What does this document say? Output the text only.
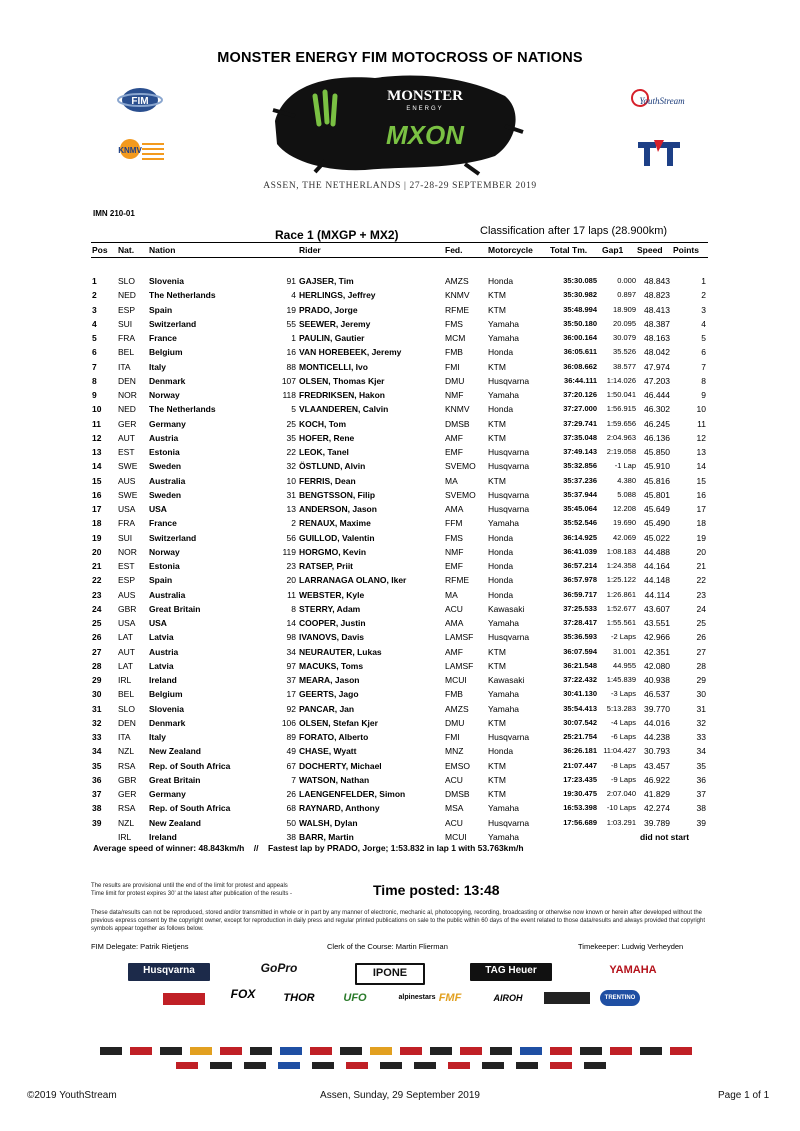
MONSTER ENERGY FIM MOTOCROSS OF NATIONS
FIM
KNMV
MONSTER
ENERGY
MXON
YouthStream
ASSEN, THE NETHERLANDS | 27-28-29 SEPTEMBER 2019
IMN 210-01
Race 1 (MXGP + MX2)	Classification after 17 laps (28.900km)
Pos Nat. Nation	Rider	Fed.	Motorcycle Total Tm. Gap1 Speed Points
1	SLO Slovenia	91 GAJSER, Tim	AMZS Honda	35:30.085	0.000 48.843	1
2	NED The Netherlands	4 HERLINGS, Jeffrey	KNMV KTM	35:30.982	0.897 48.823	2
3	ESP Spain	19 PRADO, Jorge	RFME KTM	35:48.994	18.909 48.413	3
4	SUI Switzerland	55 SEEWER, Jeremy	FMS	Yamaha	35:50.180	20.095 48.387	4
5	FRA France	1 PAULIN, Gautier	MCM	Yamaha	36:00.164	30.079 48.163	5
6	BEL Belgium	16 VAN HOREBEEK, Jeremy	FMB	Honda	36:05.611	35.526 48.042	6
7	ITA Italy	88 MONTICELLI, Ivo	FMI	KTM	36:08.662	38.577 47.974	7
8	DEN Denmark	107 OLSEN, Thomas Kjer	DMU	Husqvarna	36:44.111	1:14.026 47.203	8
9	NOR Norway	118 FREDRIKSEN, Hakon	NMF	Yamaha	37:20.126	1:50.041 46.444	9
10 NED The Netherlands	5 VLAANDEREN, Calvin	KNMV Honda	37:27.000	1:56.915 46.302	10
11 GER Germany	25 KOCH, Tom	DMSB KTM	37:29.741	1:59.656 46.245	11
12 AUT Austria	35 HOFER, Rene	AMF	KTM	37:35.048	2:04.963 46.136	12
13 EST Estonia	22 LEOK, Tanel	EMF	Husqvarna	37:49.143	2:19.058 45.850	13
14 SWE Sweden	32 ÖSTLUND, Alvin	SVEMO Husqvarna	35:32.856	-1 Lap 45.910	14
15 AUS Australia	10 FERRIS, Dean	MA	KTM	35:37.236	4.380 45.816	15
16 SWE Sweden	31 BENGTSSON, Filip	SVEMO Husqvarna	35:37.944	5.088 45.801	16
17 USA USA	13 ANDERSON, Jason	AMA	Husqvarna	35:45.064	12.208 45.649	17
18 FRA France	2 RENAUX, Maxime	FFM	Yamaha	35:52.546	19.690 45.490	18
19 SUI Switzerland	56 GUILLOD, Valentin	FMS	Honda	36:14.925	42.069 45.022	19
20 NOR Norway	119 HORGMO, Kevin	NMF	Honda	36:41.039	1:08.183 44.488	20
21 EST Estonia	23 RATSEP, Priit	EMF	Honda	36:57.214	1:24.358 44.164	21
22 ESP Spain	20 LARRANAGA OLANO, Iker	RFME Honda	36:57.978	1:25.122 44.148	22
23 AUS Australia	11 WEBSTER, Kyle	MA	Honda	36:59.717	1:26.861	44.114	23
24 GBR Great Britain	8 STERRY, Adam	ACU	Kawasaki	37:25.533	1:52.677 43.607	24
25 USA USA	14 COOPER, Justin	AMA	Yamaha	37:28.417	1:55.561 43.551	25
26 LAT Latvia	98 IVANOVS, Davis	LAMSF Husqvarna	35:36.593	-2 Laps 42.966	26
27 AUT Austria	34 NEURAUTER, Lukas	AMF	KTM	36:07.594	31.001 42.351	27
28 LAT Latvia	97 MACUKS, Toms	LAMSF KTM	36:21.548	44.955 42.080	28
29 IRL Ireland	37 MEARA, Jason	MCUI	Kawasaki	37:22.432	1:45.839 40.938	29
30 BEL Belgium	17 GEERTS, Jago	FMB	Yamaha	30:41.130	-3 Laps 46.537	30
31 SLO Slovenia	92 PANCAR, Jan	AMZS Yamaha	35:54.413	5:13.283 39.770	31
32 DEN Denmark	106 OLSEN, Stefan Kjer	DMU	KTM	30:07.542	-4 Laps 44.016	32
33 ITA Italy	89 FORATO, Alberto	FMI	Husqvarna	25:21.754	-6 Laps 44.238	33
34 NZL New Zealand	49 CHASE, Wyatt	MNZ	Honda	36:26.181 11:04.427 30.793	34
35 RSA Rep. of South Africa	67 DOCHERTY, Michael	EMSO KTM	21:07.447	-8 Laps 43.457	35
36 GBR Great Britain	7 WATSON, Nathan	ACU	KTM	17:23.435	-9 Laps 46.922	36
37 GER Germany	26 LAENGENFELDER, Simon	DMSB KTM	19:30.475	2:07.040 41.829	37
38 RSA Rep. of South Africa	68 RAYNARD, Anthony	MSA	Yamaha	16:53.398	-10 Laps 42.274	38
39 NZL New Zealand	50 WALSH, Dylan	ACU	Husqvarna	17:56.689	1:03.291 39.789	39
IRL Ireland	38 BARR, Martin	MCUI	Yamaha	did not start
Average speed of winner: 48.843km/h    //    Fastest lap by PRADO, Jorge; 1:53.832 in lap 1 with 53.763km/h
The results are provisional until the end of the limit for protest and appeals
Time limit for protest expires 30' at the latest after publication of the results -	Time posted: 13:48
These data/results can not be reproduced, stored and/or transmitted in whole or in part by any manner of electronic, mechanic al, photocopying, recording, broadcasting or otherwise now known or herein after developed without the previous express consent by the copyright owner, except for reproduction in daily press and regular printed publications on sale to the public within 60 days of the event related to those data/results and always provided that copyright symbols appear together as follows below.
FIM Delegate: Patrik Rietjens	Clerk of the Course: Martin Flierman	Timekeeper: Ludwig Verheyden
Husqvarna	GoPro	IPONE	TAG Heuer	YAMAHA
FOX	THOR	UFO	alpinestars FMF	AIROH	TRENTINO
©2019 YouthStream	Assen, Sunday, 29 September 2019	Page 1 of 1
